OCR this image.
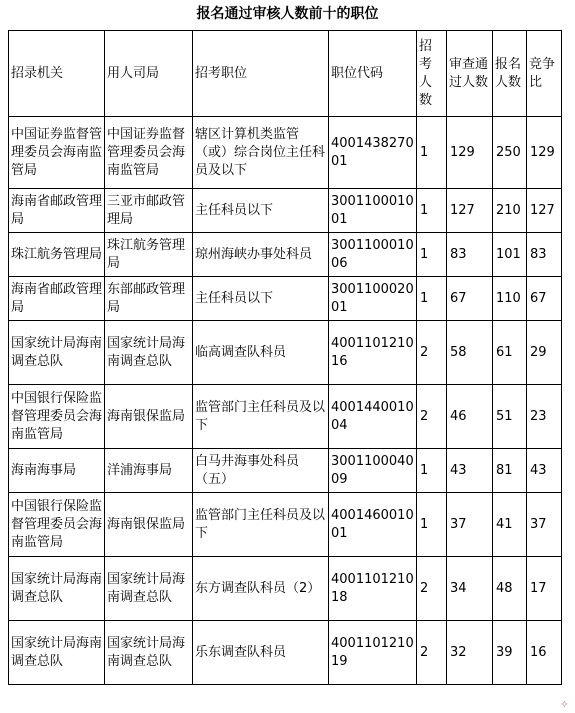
报名通过审核人数前十的职位
招录机关	用人司局	招考职位	职位代码	招考人数	审查通过人数	报名人数	竞争比
中国证券监督管理委员会海南监管局	中国证券监督管理委员会海南监管局	辖区计算机类监管（或）综合岗位主任科员及以下	400143827001	1	129	250	129
海南省邮政管理局	三亚市邮政管理局	主任科员以下	300110001001	1	127	210	127
珠江航务管理局	珠江航务管理局	琼州海峡办事处科员	300110001006	1	83	101	83
海南省邮政管理局	东部邮政管理局	主任科员以下	300110002001	1	67	110	67
国家统计局海南调查总队	国家统计局海南调查总队	临高调查队科员	400110121016	2	58	61	29
中国银行保险监督管理委员会海南监管局	海南银保监局	监管部门主任科员及以下	400144001004	2	46	51	23
海南海事局	洋浦海事局	白马井海事处科员（五）	300110004009	1	43	81	43
中国银行保险监督管理委员会海南监管局	海南银保监局	监管部门主任科员及以下	400146001001	1	37	41	37
国家统计局海南调查总队	国家统计局海南调查总队	东方调查队科员（2）	400110121018	2	34	48	17
国家统计局海南调查总队	国家统计局海南调查总队	乐东调查队科员	400110121019	2	32	39	16
✧
